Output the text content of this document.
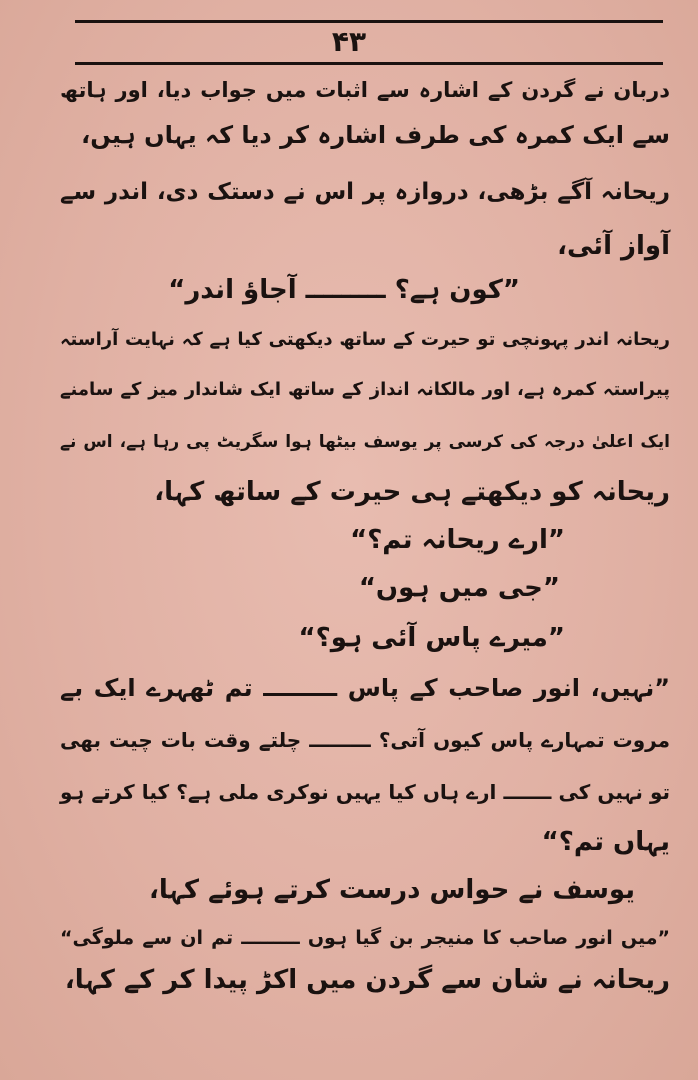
۴۳
دربان نے گردن کے اشارہ سے اثبات میں جواب دیا، اور ہاتھ
سے ایک کمرہ کی طرف اشارہ کر دیا کہ یہاں ہیں،
ریحانہ آگے بڑھی، دروازہ پر اس نے دستک دی، اندر سے
آواز آئی،
”کون ہے؟ ـــــــــ آجاؤ اندر“
ریحانہ اندر پہونچی تو حیرت کے ساتھ دیکھتی کیا ہے کہ نہایت آراستہ
پیراستہ کمرہ ہے، اور مالکانہ انداز کے ساتھ ایک شاندار میز کے سامنے
ایک اعلیٰ درجہ کی کرسی پر یوسف بیٹھا ہوا سگریٹ پی رہا ہے، اس نے
ریحانہ کو دیکھتے ہی حیرت کے ساتھ کہا،
”ارے ریحانہ تم؟“
”جی میں ہوں“
”میرے پاس آئی ہو؟“
”نہیں، انور صاحب کے پاس ـــــــــ تم ٹھہرے ایک بے
مروت تمہارے پاس کیوں آتی؟ ـــــــــ چلتے وقت بات چیت بھی
تو نہیں کی ـــــــ ارے ہاں کیا یہیں نوکری ملی ہے؟ کیا کرتے ہو
یہاں تم؟“
یوسف نے حواس درست کرتے ہوئے کہا،
”میں انور صاحب کا منیجر بن گیا ہوں ـــــــــ تم ان سے ملوگی“
ریحانہ نے شان سے گردن میں اکڑ پیدا کر کے کہا،
